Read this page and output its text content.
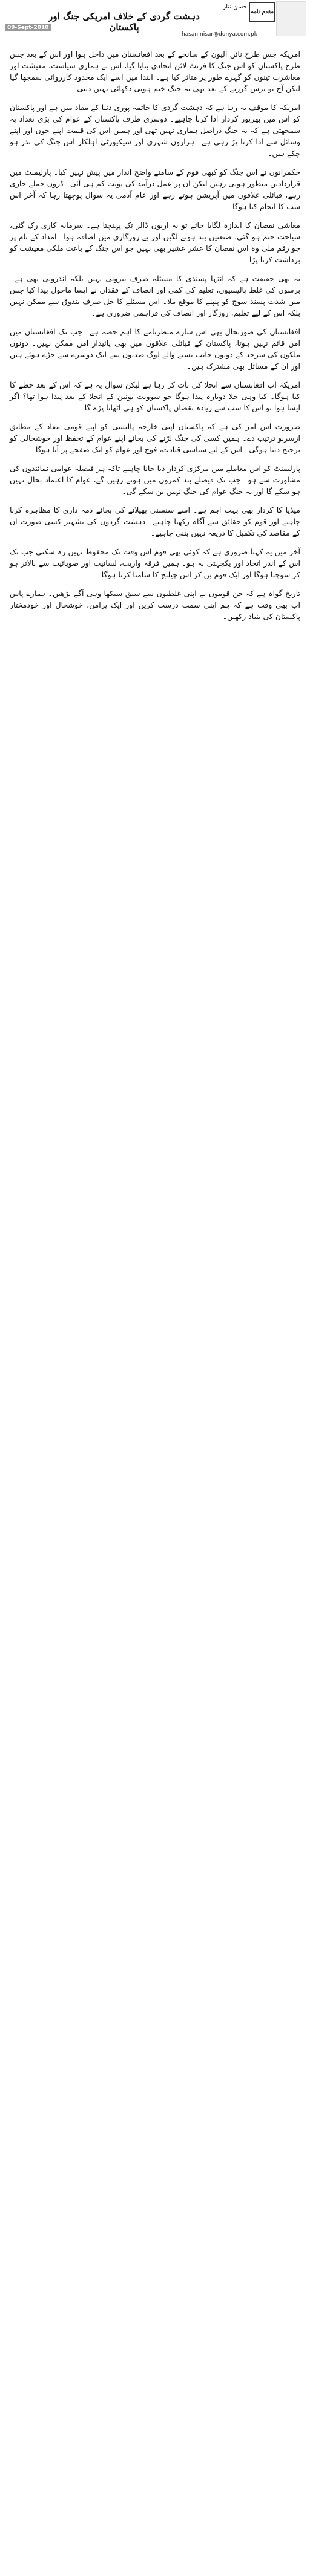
مقدم نامہ
حسن نثار
دہشت گردی کے خلاف امریکی جنگ اور پاکستان
09-Sept-2010
hasan.nisar@dunya.com.pk

امریکہ جس طرح نائن الیون کے سانحے کے بعد افغانستان میں داخل ہوا اور اس کے بعد جس طرح پاکستان کو اس جنگ کا فرنٹ لائن اتحادی بنایا گیا، اس نے ہماری سیاست، معیشت اور معاشرت تینوں کو گہرے طور پر متاثر کیا ہے۔ ابتدا میں اسے ایک محدود کارروائی سمجھا گیا لیکن آج نو برس گزرنے کے بعد بھی یہ جنگ ختم ہوتی دکھائی نہیں دیتی۔

امریکہ کا موقف یہ رہا ہے کہ دہشت گردی کا خاتمہ پوری دنیا کے مفاد میں ہے اور پاکستان کو اس میں بھرپور کردار ادا کرنا چاہیے۔ دوسری طرف پاکستان کے عوام کی بڑی تعداد یہ سمجھتی ہے کہ یہ جنگ دراصل ہماری نہیں تھی اور ہمیں اس کی قیمت اپنے خون اور اپنے وسائل سے ادا کرنا پڑ رہی ہے۔ ہزاروں شہری اور سیکیورٹی اہلکار اس جنگ کی نذر ہو چکے ہیں۔

حکمرانوں نے اس جنگ کو کبھی قوم کے سامنے واضح انداز میں پیش نہیں کیا۔ پارلیمنٹ میں قراردادیں منظور ہوتی رہیں لیکن ان پر عمل درآمد کی نوبت کم ہی آئی۔ ڈرون حملے جاری رہے، قبائلی علاقوں میں آپریشن ہوتے رہے اور عام آدمی یہ سوال پوچھتا رہا کہ آخر اس سب کا انجام کیا ہوگا۔

معاشی نقصان کا اندازہ لگایا جائے تو یہ اربوں ڈالر تک پہنچتا ہے۔ سرمایہ کاری رک گئی، سیاحت ختم ہو گئی، صنعتیں بند ہونے لگیں اور بے روزگاری میں اضافہ ہوا۔ امداد کے نام پر جو رقم ملی وہ اس نقصان کا عشر عشیر بھی نہیں جو اس جنگ کے باعث ملکی معیشت کو برداشت کرنا پڑا۔

یہ بھی حقیقت ہے کہ انتہا پسندی کا مسئلہ صرف بیرونی نہیں بلکہ اندرونی بھی ہے۔ برسوں کی غلط پالیسیوں، تعلیم کی کمی اور انصاف کے فقدان نے ایسا ماحول پیدا کیا جس میں شدت پسند سوچ کو پنپنے کا موقع ملا۔ اس مسئلے کا حل صرف بندوق سے ممکن نہیں بلکہ اس کے لیے تعلیم، روزگار اور انصاف کی فراہمی ضروری ہے۔

افغانستان کی صورتحال بھی اس سارے منظرنامے کا اہم حصہ ہے۔ جب تک افغانستان میں امن قائم نہیں ہوتا، پاکستان کے قبائلی علاقوں میں بھی پائیدار امن ممکن نہیں۔ دونوں ملکوں کی سرحد کے دونوں جانب بسنے والے لوگ صدیوں سے ایک دوسرے سے جڑے ہوئے ہیں اور ان کے مسائل بھی مشترک ہیں۔

امریکہ اب افغانستان سے انخلا کی بات کر رہا ہے لیکن سوال یہ ہے کہ اس کے بعد خطے کا کیا ہوگا۔ کیا وہی خلا دوبارہ پیدا ہوگا جو سوویت یونین کے انخلا کے بعد پیدا ہوا تھا؟ اگر ایسا ہوا تو اس کا سب سے زیادہ نقصان پاکستان کو ہی اٹھانا پڑے گا۔

ضرورت اس امر کی ہے کہ پاکستان اپنی خارجہ پالیسی کو اپنے قومی مفاد کے مطابق ازسرنو ترتیب دے۔ ہمیں کسی کی جنگ لڑنے کی بجائے اپنے عوام کے تحفظ اور خوشحالی کو ترجیح دینا ہوگی۔ اس کے لیے سیاسی قیادت، فوج اور عوام کو ایک صفحے پر آنا ہوگا۔

پارلیمنٹ کو اس معاملے میں مرکزی کردار دیا جانا چاہیے تاکہ ہر فیصلہ عوامی نمائندوں کی مشاورت سے ہو۔ جب تک فیصلے بند کمروں میں ہوتے رہیں گے، عوام کا اعتماد بحال نہیں ہو سکے گا اور یہ جنگ عوام کی جنگ نہیں بن سکے گی۔

میڈیا کا کردار بھی بہت اہم ہے۔ اسے سنسنی پھیلانے کی بجائے ذمہ داری کا مظاہرہ کرنا چاہیے اور قوم کو حقائق سے آگاہ رکھنا چاہیے۔ دہشت گردوں کی تشہیر کسی صورت ان کے مقاصد کی تکمیل کا ذریعہ نہیں بننی چاہیے۔

آخر میں یہ کہنا ضروری ہے کہ کوئی بھی قوم اس وقت تک محفوظ نہیں رہ سکتی جب تک اس کے اندر اتحاد اور یکجہتی نہ ہو۔ ہمیں فرقہ واریت، لسانیت اور صوبائیت سے بالاتر ہو کر سوچنا ہوگا اور ایک قوم بن کر اس چیلنج کا سامنا کرنا ہوگا۔

تاریخ گواہ ہے کہ جن قوموں نے اپنی غلطیوں سے سبق سیکھا وہی آگے بڑھیں۔ ہمارے پاس اب بھی وقت ہے کہ ہم اپنی سمت درست کریں اور ایک پرامن، خوشحال اور خودمختار پاکستان کی بنیاد رکھیں۔
